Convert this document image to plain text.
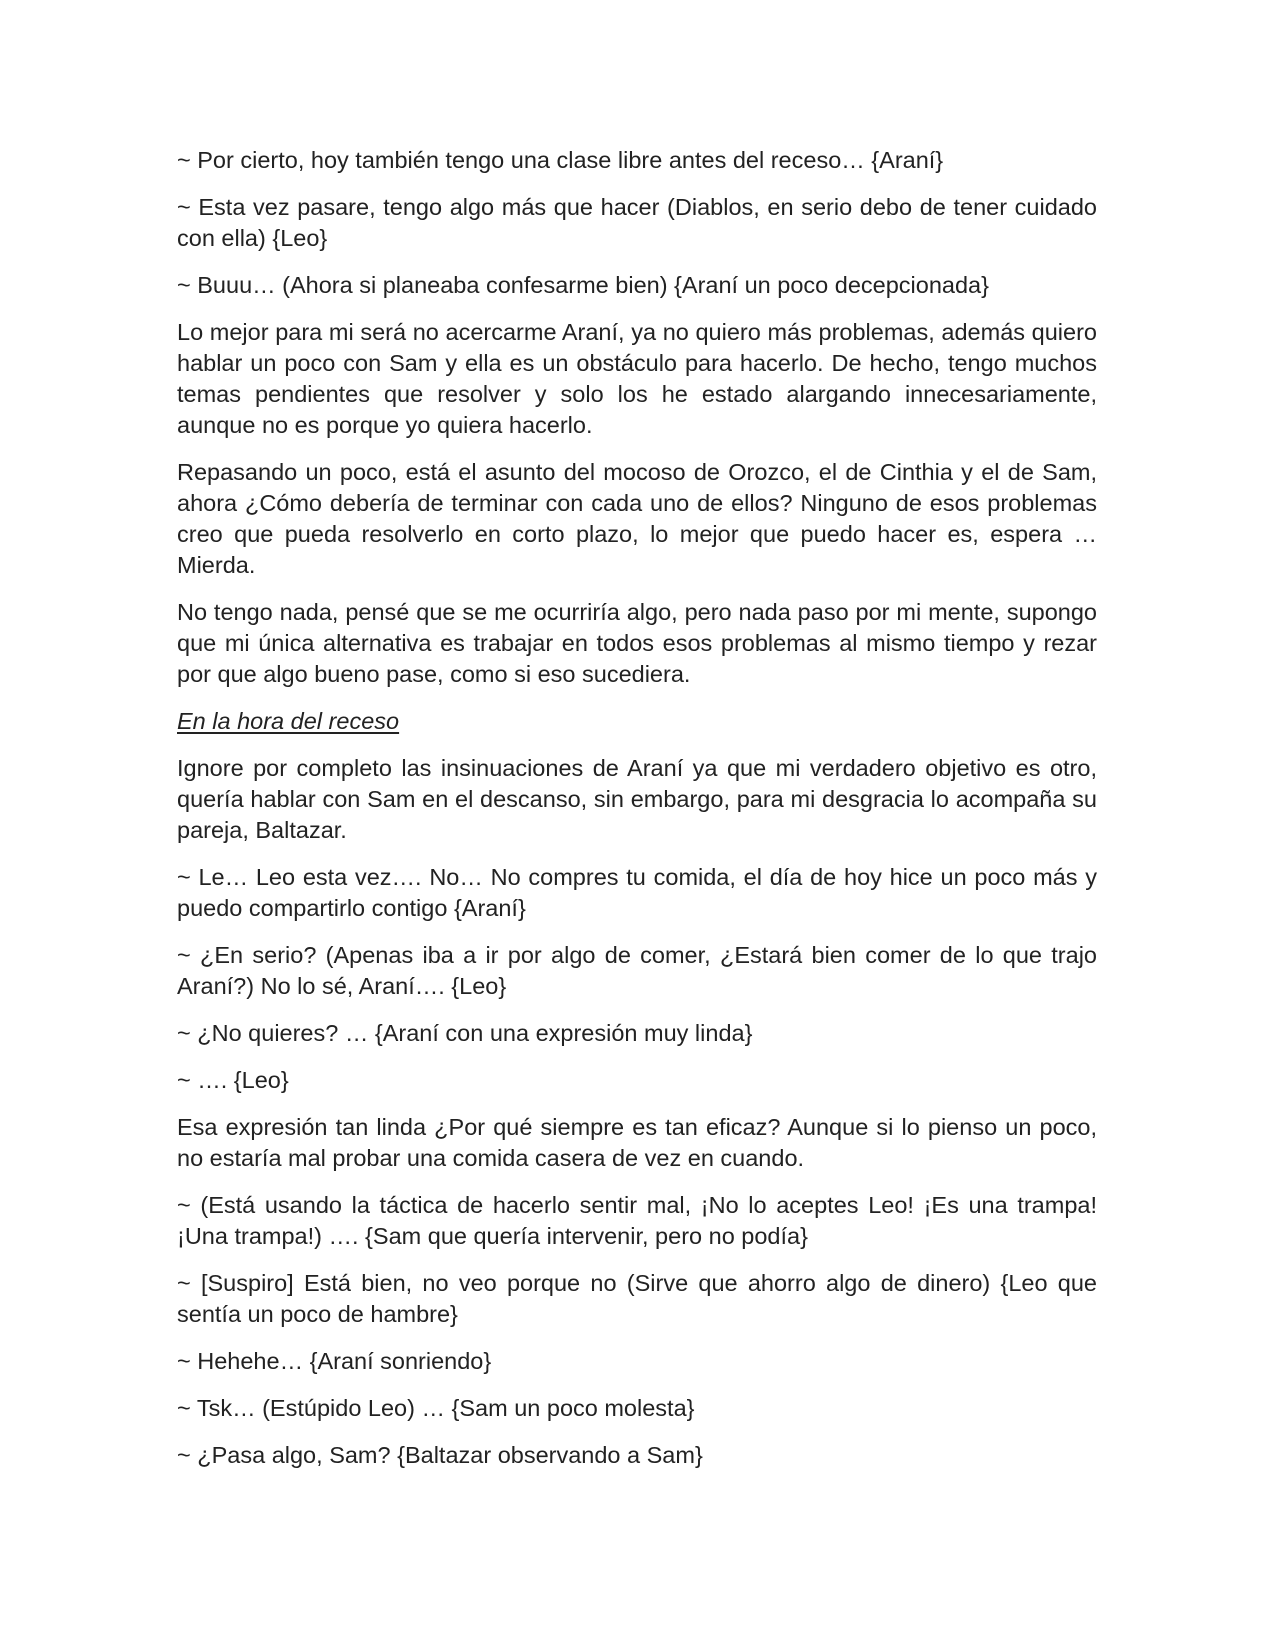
~ Por cierto, hoy también tengo una clase libre antes del receso… {Araní}

~ Esta vez pasare, tengo algo más que hacer (Diablos, en serio debo de tener cuidado con ella) {Leo}

~ Buuu… (Ahora si planeaba confesarme bien) {Araní un poco decepcionada}

Lo mejor para mi será no acercarme Araní, ya no quiero más problemas, además quiero hablar un poco con Sam y ella es un obstáculo para hacerlo. De hecho, tengo muchos temas pendientes que resolver y solo los he estado alargando innecesariamente, aunque no es porque yo quiera hacerlo.

Repasando un poco, está el asunto del mocoso de Orozco, el de Cinthia y el de Sam, ahora ¿Cómo debería de terminar con cada uno de ellos? Ninguno de esos problemas creo que pueda resolverlo en corto plazo, lo mejor que puedo hacer es, espera … Mierda.

No tengo nada, pensé que se me ocurriría algo, pero nada paso por mi mente, supongo que mi única alternativa es trabajar en todos esos problemas al mismo tiempo y rezar por que algo bueno pase, como si eso sucediera.

En la hora del receso

Ignore por completo las insinuaciones de Araní ya que mi verdadero objetivo es otro, quería hablar con Sam en el descanso, sin embargo, para mi desgracia lo acompaña su pareja, Baltazar.

~ Le… Leo esta vez…. No… No compres tu comida, el día de hoy hice un poco más y puedo compartirlo contigo {Araní}

~ ¿En serio? (Apenas iba a ir por algo de comer, ¿Estará bien comer de lo que trajo Araní?) No lo sé, Araní…. {Leo}

~ ¿No quieres? … {Araní con una expresión muy linda}

~ …. {Leo}

Esa expresión tan linda ¿Por qué siempre es tan eficaz? Aunque si lo pienso un poco, no estaría mal probar una comida casera de vez en cuando.

~ (Está usando la táctica de hacerlo sentir mal, ¡No lo aceptes Leo! ¡Es una trampa! ¡Una trampa!) …. {Sam que quería intervenir, pero no podía}

~ [Suspiro] Está bien, no veo porque no (Sirve que ahorro algo de dinero) {Leo que sentía un poco de hambre}

~ Hehehe… {Araní sonriendo}

~ Tsk… (Estúpido Leo) … {Sam un poco molesta}

~ ¿Pasa algo, Sam? {Baltazar observando a Sam}
